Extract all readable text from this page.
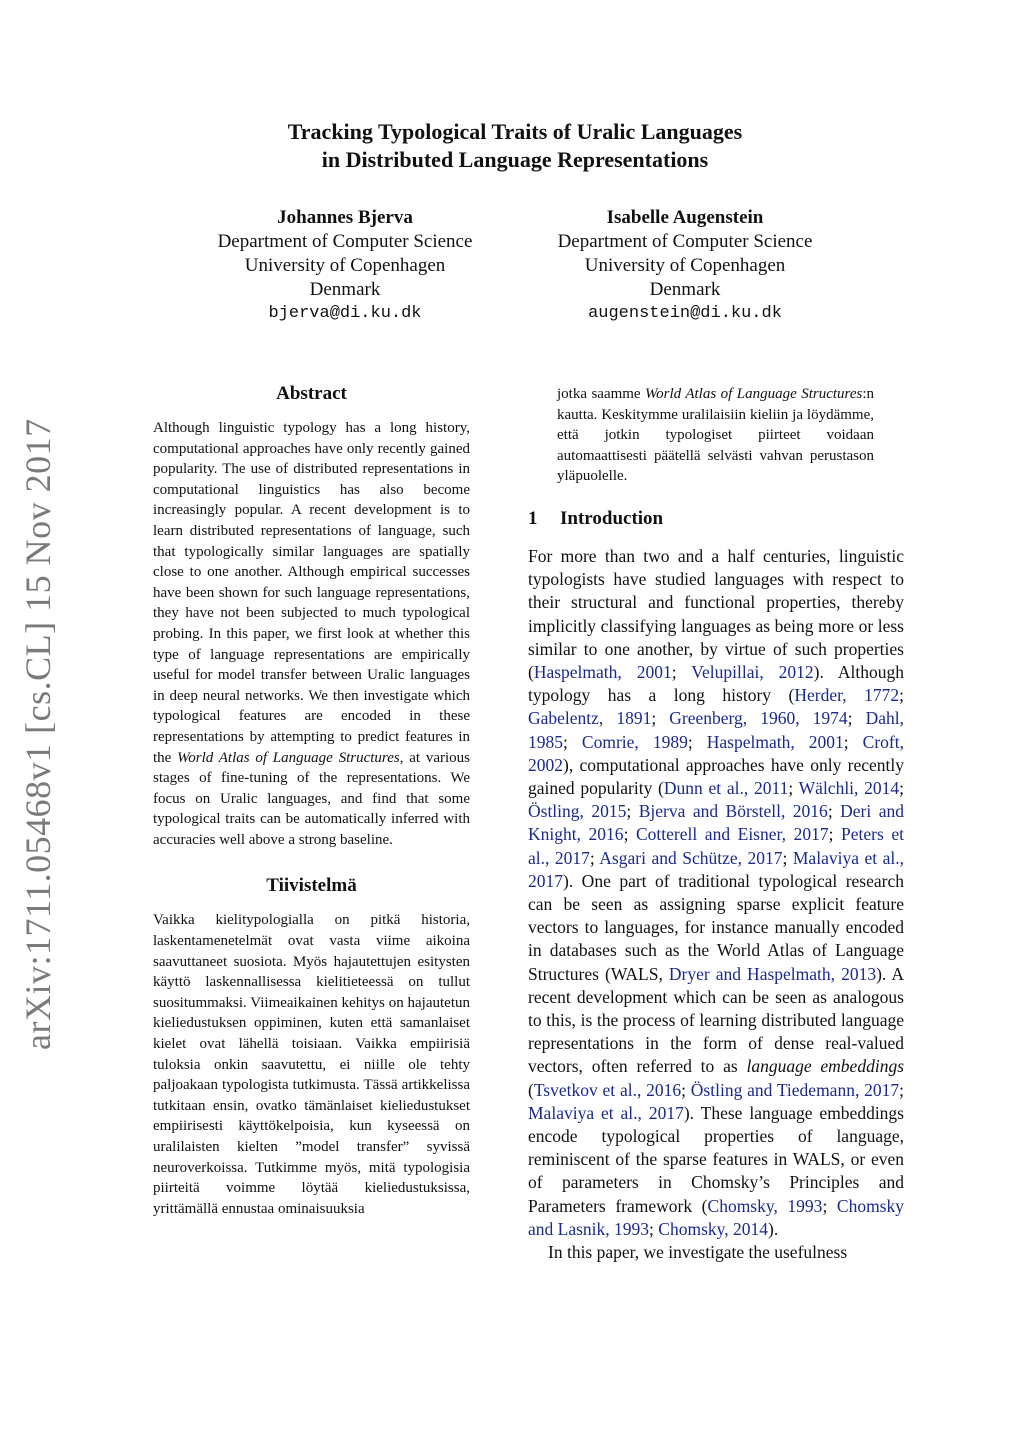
Tracking Typological Traits of Uralic Languages
in Distributed Language Representations
Johannes Bjerva
Department of Computer Science
University of Copenhagen
Denmark
bjerva@di.ku.dk
Isabelle Augenstein
Department of Computer Science
University of Copenhagen
Denmark
augenstein@di.ku.dk
arXiv:1711.05468v1 [cs.CL] 15 Nov 2017
Abstract

Although linguistic typology has a long history, computational approaches have only recently gained popularity. The use of distributed representations in computational linguistics has also become increasingly popular. A recent development is to learn distributed representations of language, such that typologically similar languages are spatially close to one another. Although empirical successes have been shown for such language representations, they have not been subjected to much typological probing. In this paper, we first look at whether this type of language representations are empirically useful for model transfer between Uralic languages in deep neural networks. We then investigate which typological features are encoded in these representations by attempting to predict features in the World Atlas of Language Structures, at various stages of fine-tuning of the representations. We focus on Uralic languages, and find that some typological traits can be automatically inferred with accuracies well above a strong baseline.

Tiivistelmä

Vaikka kielitypologialla on pitkä historia, laskentamenetelmät ovat vasta viime aikoina saavuttaneet suosiota. Myös hajautettujen esitysten käyttö laskennallisessa kielitieteessä on tullut suositummaksi. Viimeaikainen kehitys on hajautetun kieliedustuksen oppiminen, kuten että samanlaiset kielet ovat lähellä toisiaan. Vaikka empiirisiä tuloksia onkin saavutettu, ei niille ole tehty paljoakaan typologista tutkimusta. Tässä artikkelissa tutkitaan ensin, ovatko tämänlaiset kieliedustukset empiirisesti käyttökelpoisia, kun kyseessä on uralilaisten kielten ”model transfer” syvissä neuroverkoissa. Tutkimme myös, mitä typologisia piirteitä voimme löytää kieliedustuksissa, yrittämällä ennustaa ominaisuuksia

jotka saamme World Atlas of Language Structures:n kautta. Keskitymme uralilaisiin kieliin ja löydämme, että jotkin typologiset piirteet voidaan automaattisesti päätellä selvästi vahvan perustason yläpuolelle.

1 Introduction

For more than two and a half centuries, linguistic typologists have studied languages with respect to their structural and functional properties, thereby implicitly classifying languages as being more or less similar to one another, by virtue of such properties (Haspelmath, 2001; Velupillai, 2012). Although typology has a long history (Herder, 1772; Gabelentz, 1891; Greenberg, 1960, 1974; Dahl, 1985; Comrie, 1989; Haspelmath, 2001; Croft, 2002), computational approaches have only recently gained popularity (Dunn et al., 2011; Wälchli, 2014; Östling, 2015; Bjerva and Börstell, 2016; Deri and Knight, 2016; Cotterell and Eisner, 2017; Peters et al., 2017; Asgari and Schütze, 2017; Malaviya et al., 2017). One part of traditional typological research can be seen as assigning sparse explicit feature vectors to languages, for instance manually encoded in databases such as the World Atlas of Language Structures (WALS, Dryer and Haspelmath, 2013). A recent development which can be seen as analogous to this, is the process of learning distributed language representations in the form of dense real-valued vectors, often referred to as language embeddings (Tsvetkov et al., 2016; Östling and Tiedemann, 2017; Malaviya et al., 2017). These language embeddings encode typological properties of language, reminiscent of the sparse features in WALS, or even of parameters in Chomsky’s Principles and Parameters framework (Chomsky, 1993; Chomsky and Lasnik, 1993; Chomsky, 2014).

In this paper, we investigate the usefulness
